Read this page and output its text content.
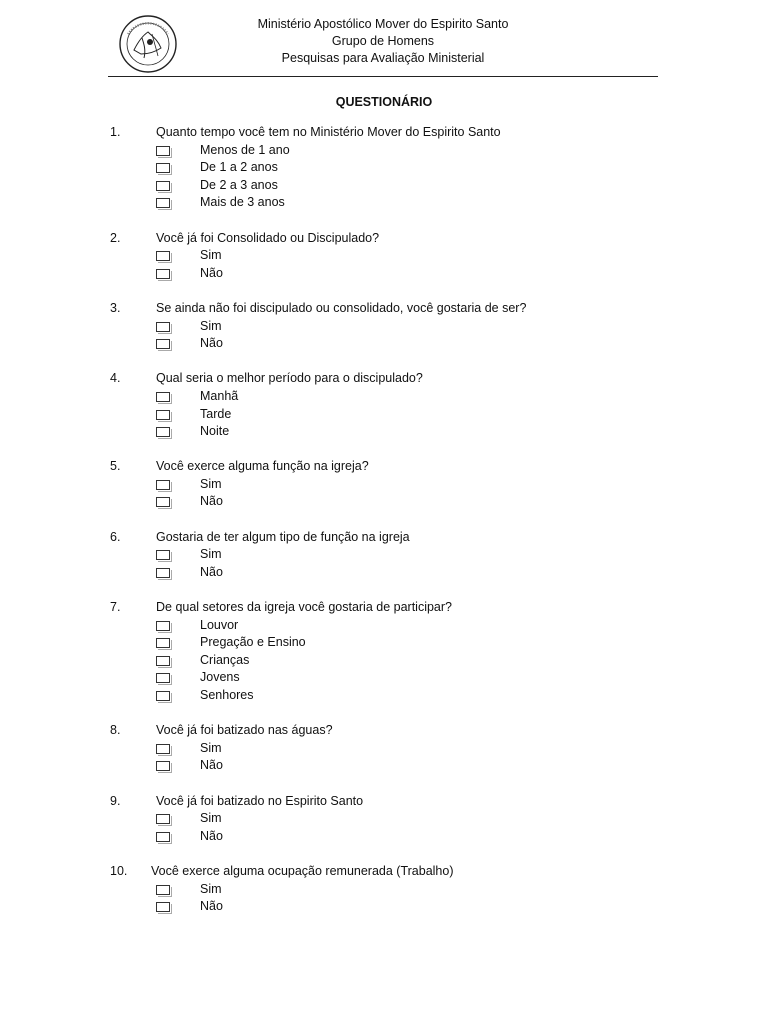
Ministério Apostólico Mover do Espirito Santo
Grupo de Homens
Pesquisas para Avaliação Ministerial
QUESTIONÁRIO
1.	Quanto tempo você tem no Ministério Mover do Espirito Santo
Menos de 1 ano
De 1 a 2 anos
De 2 a 3 anos
Mais de 3 anos
2.	Você já foi Consolidado ou Discipulado?
Sim
Não
3.	Se ainda não foi discipulado ou consolidado, você gostaria de ser?
Sim
Não
4.	Qual seria o melhor período para o discipulado?
Manhã
Tarde
Noite
5.	Você exerce alguma função na igreja?
Sim
Não
6.	Gostaria de ter algum tipo de função na igreja
Sim
Não
7.	De qual setores da igreja você gostaria de participar?
Louvor
Pregação e Ensino
Crianças
Jovens
Senhores
8.	Você já foi batizado nas águas?
Sim
Não
9.	Você já foi batizado no Espirito Santo
Sim
Não
10. Você exerce alguma ocupação remunerada (Trabalho)
Sim
Não
